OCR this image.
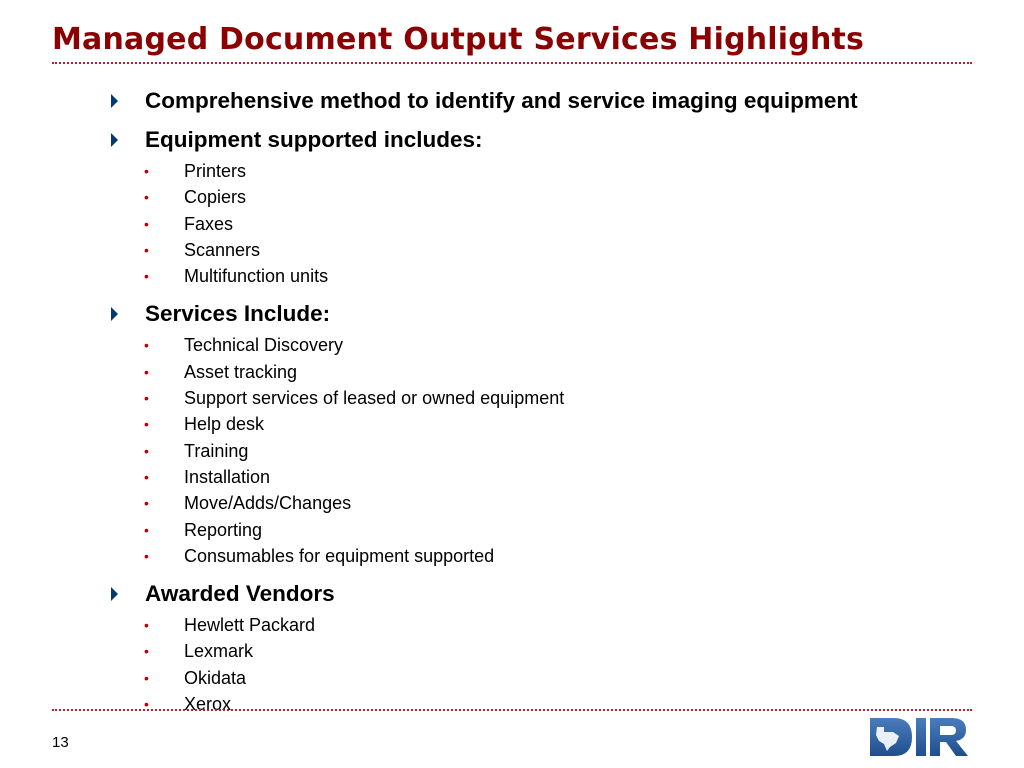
Managed Document Output Services Highlights
Comprehensive method to identify and service imaging equipment
Equipment supported includes:
• Printers
• Copiers
• Faxes
• Scanners
• Multifunction units
Services Include:
• Technical Discovery
• Asset tracking
• Support services of leased or owned equipment
• Help desk
• Training
• Installation
• Move/Adds/Changes
• Reporting
• Consumables for equipment supported
Awarded Vendors
• Hewlett Packard
• Lexmark
• Okidata
• Xerox
13
